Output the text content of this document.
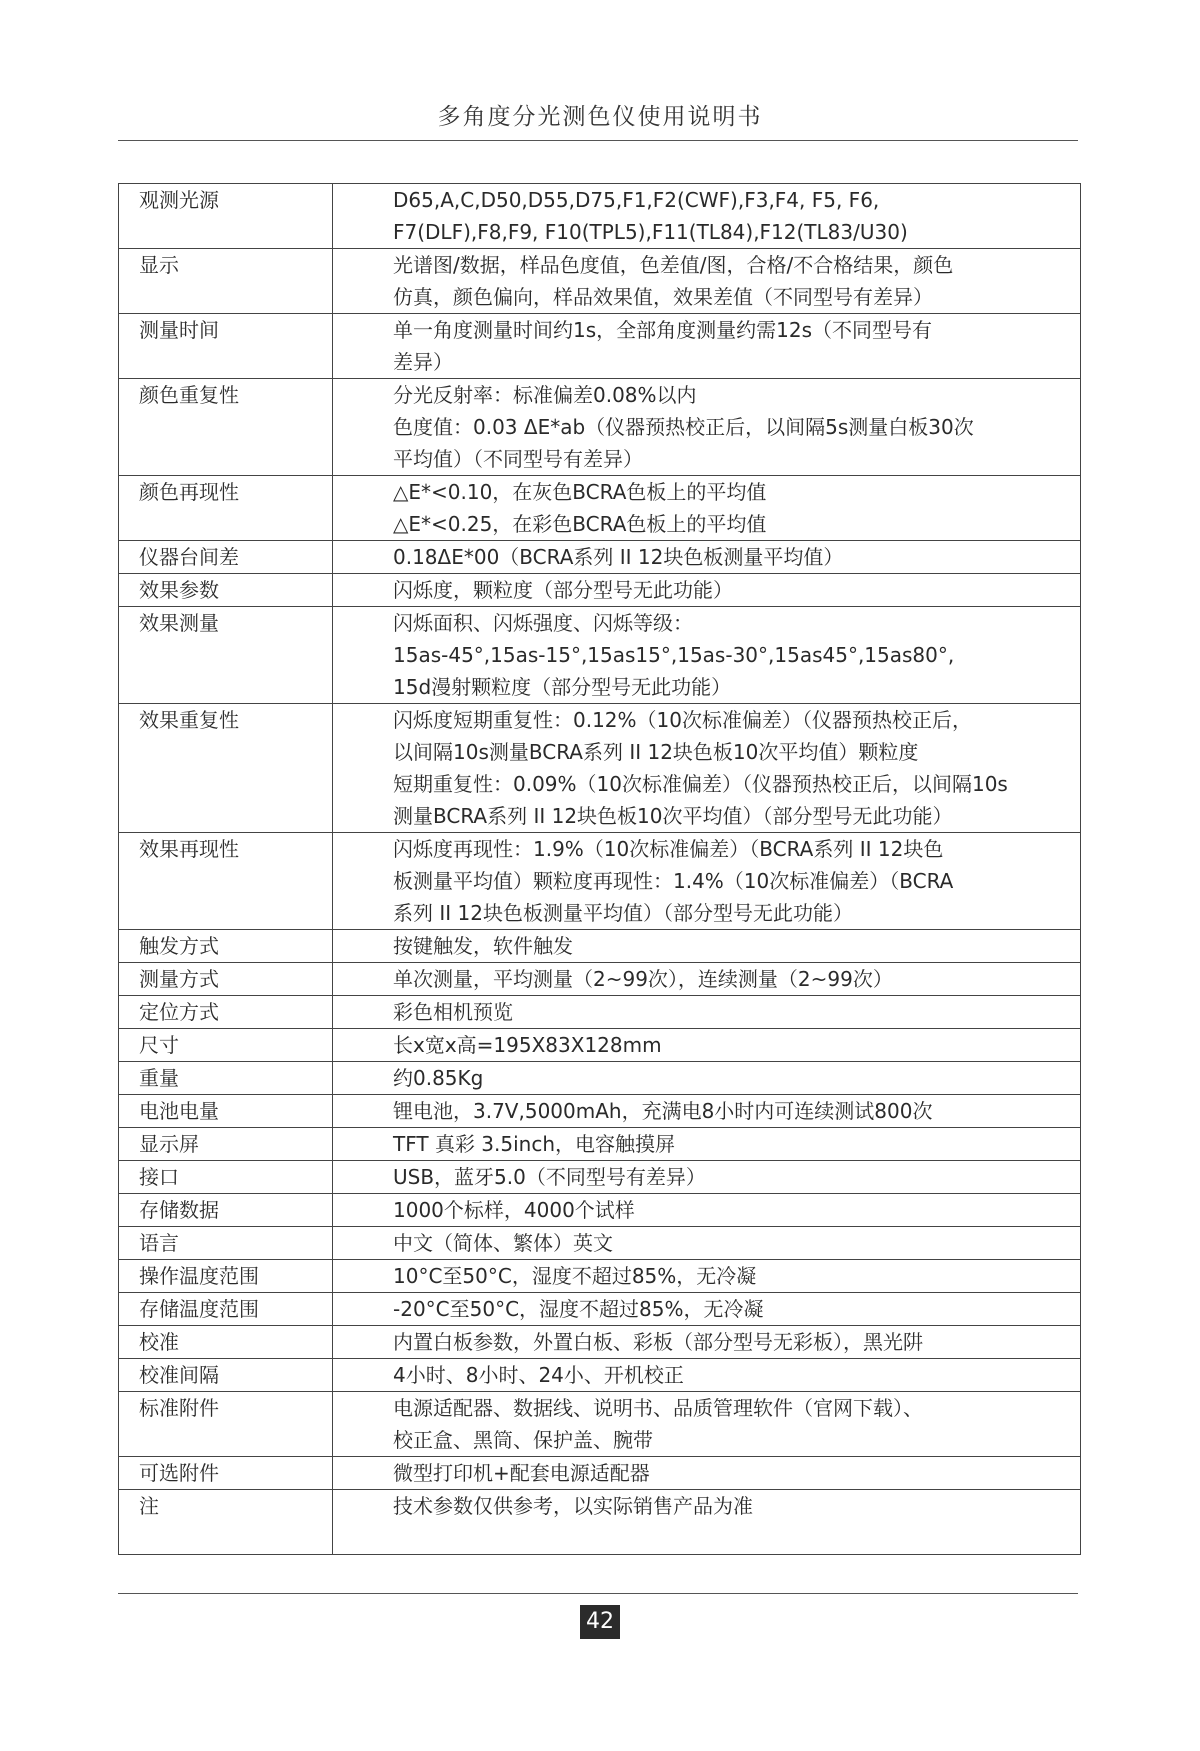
多角度分光测色仪使用说明书
观测光源	D65,A,C,D50,D55,D75,F1,F2(CWF),F3,F4, F5, F6,
F7(DLF),F8,F9, F10(TPL5),F11(TL84),F12(TL83/U30)

显示	光谱图/数据，样品色度值，色差值/图，合格/不合格结果，颜色
仿真，颜色偏向，样品效果值，效果差值（不同型号有差异）

测量时间	单一角度测量时间约1s，全部角度测量约需12s（不同型号有
差异）

颜色重复性	分光反射率：标准偏差0.08%以内
色度值：0.03 ΔE*ab（仪器预热校正后，以间隔5s测量白板30次
平均值）（不同型号有差异）

颜色再现性	△E*<0.10，在灰色BCRA色板上的平均值
△E*<0.25，在彩色BCRA色板上的平均值

仪器台间差	0.18ΔE*00（BCRA系列 II 12块色板测量平均值）

效果参数	闪烁度，颗粒度（部分型号无此功能）

效果测量	闪烁面积、闪烁强度、闪烁等级：
15as-45°,15as-15°,15as15°,15as-30°,15as45°,15as80°,
15d漫射颗粒度（部分型号无此功能）

效果重复性	闪烁度短期重复性：0.12%（10次标准偏差）（仪器预热校正后，
以间隔10s测量BCRA系列 II 12块色板10次平均值）颗粒度
短期重复性：0.09%（10次标准偏差）（仪器预热校正后，以间隔10s
测量BCRA系列 II 12块色板10次平均值）（部分型号无此功能）

效果再现性	闪烁度再现性：1.9%（10次标准偏差）（BCRA系列 II 12块色
板测量平均值）颗粒度再现性：1.4%（10次标准偏差）（BCRA
系列 II 12块色板测量平均值）（部分型号无此功能）

触发方式	按键触发，软件触发

测量方式	单次测量，平均测量（2~99次），连续测量（2~99次）

定位方式	彩色相机预览

尺寸	长x宽x高=195X83X128mm

重量	约0.85Kg

电池电量	锂电池，3.7V,5000mAh，充满电8小时内可连续测试800次

显示屏	TFT 真彩 3.5inch，电容触摸屏

接口	USB，蓝牙5.0（不同型号有差异）

存储数据	1000个标样，4000个试样

语言	中文（简体、繁体）英文

操作温度范围	10°C至50°C，湿度不超过85%，无冷凝

存储温度范围	-20°C至50°C，湿度不超过85%，无冷凝

校准	内置白板参数，外置白板、彩板（部分型号无彩板），黑光阱

校准间隔	4小时、8小时、24小、开机校正

标准附件	电源适配器、数据线、说明书、品质管理软件（官网下载）、
校正盒、黑筒、保护盖、腕带

可选附件	微型打印机+配套电源适配器

注	技术参数仅供参考，以实际销售产品为准

42
